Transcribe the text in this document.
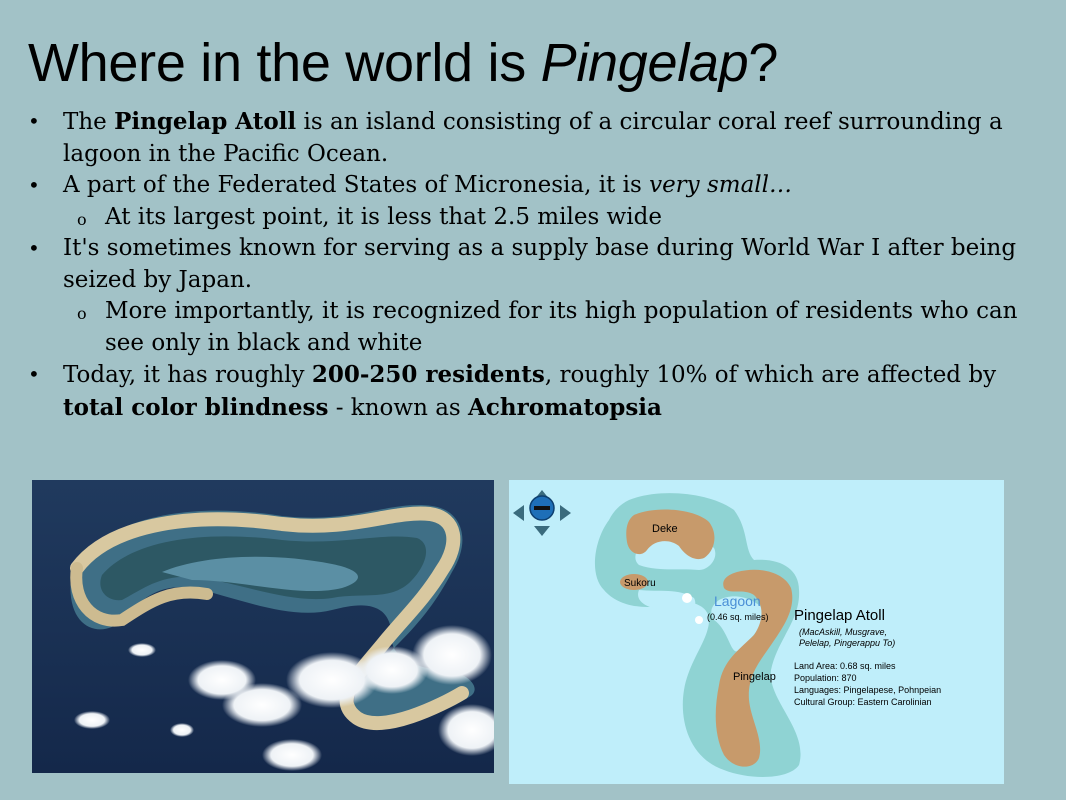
Where in the world is Pingelap?
• The Pingelap Atoll is an island consisting of a circular coral reef surrounding a lagoon in the Pacific Ocean.
• A part of the Federated States of Micronesia, it is very small…
o At its largest point, it is less that 2.5 miles wide
• It's sometimes known for serving as a supply base during World War I after being seized by Japan.
o More importantly, it is recognized for its high population of residents who can see only in black and white
• Today, it has roughly 200-250 residents, roughly 10% of which are affected by total color blindness - known as Achromatopsia
Deke
Sukoru
Lagoon
(0.46 sq. miles)
Pingelap
Pingelap Atoll
(MacAskill, Musgrave,
Pelelap, Pingerappu To)
Land Area: 0.68 sq. miles
Population: 870
Languages: Pingelapese, Pohnpeian
Cultural Group: Eastern Carolinian
